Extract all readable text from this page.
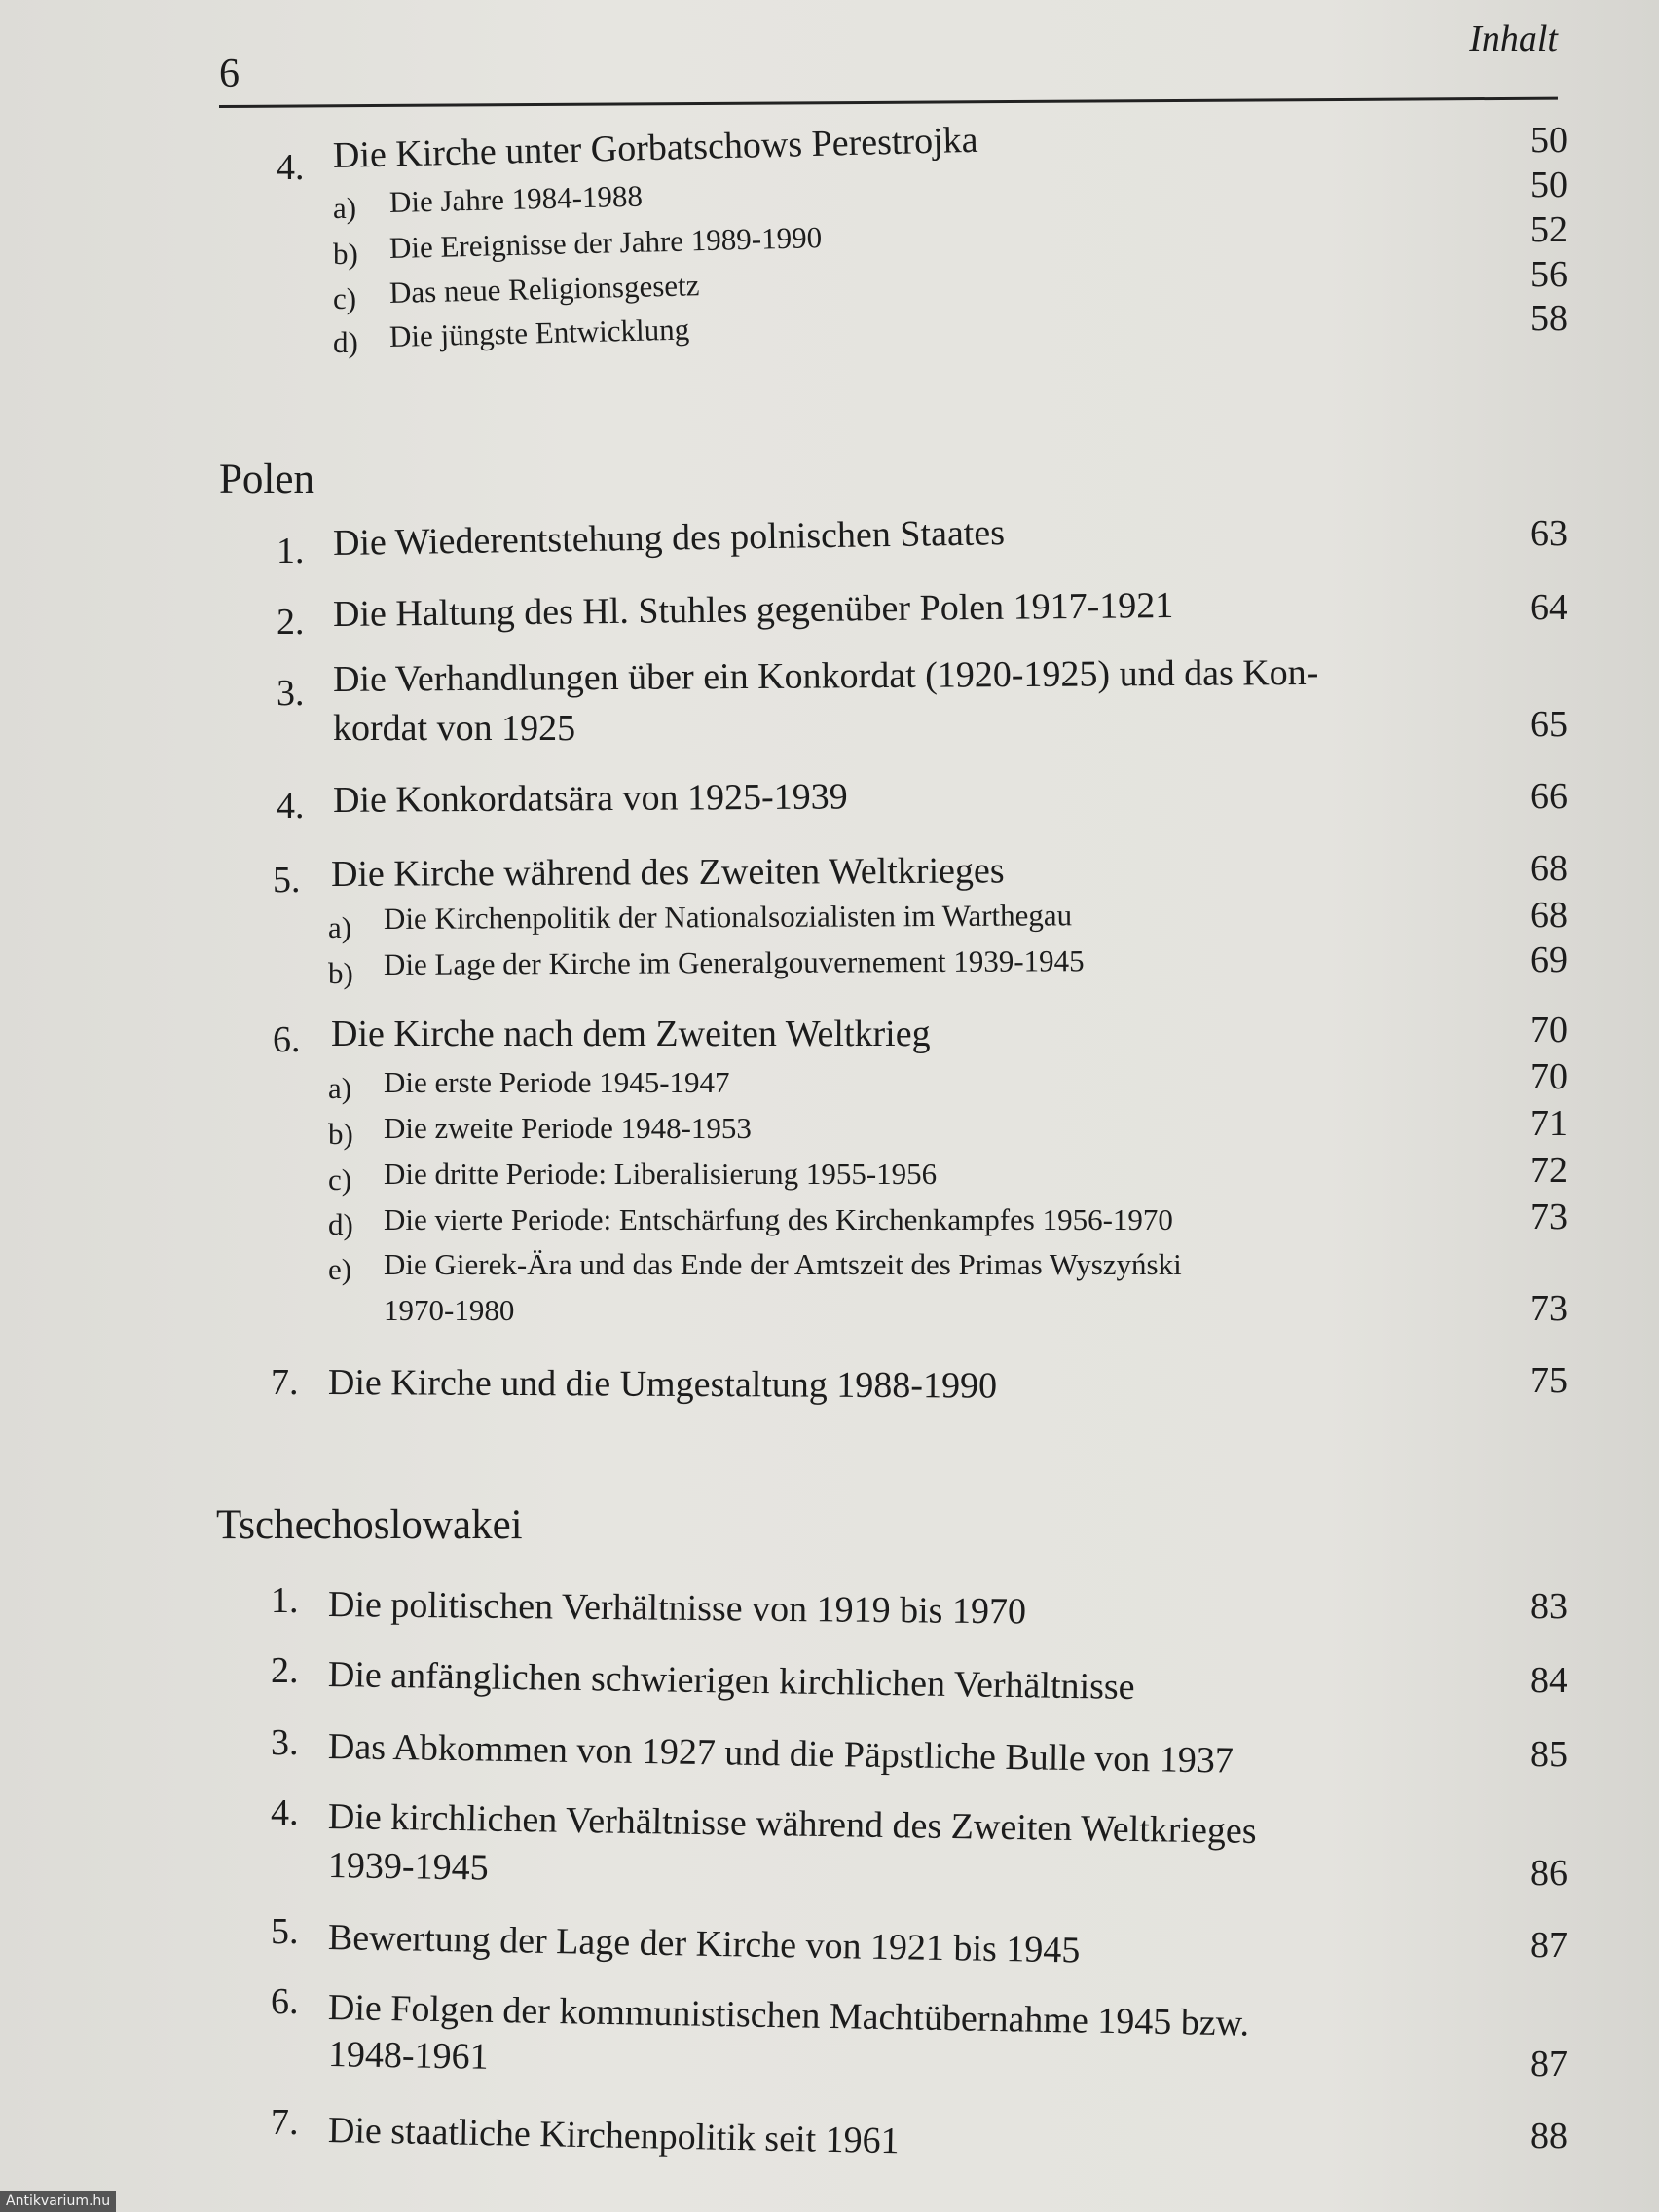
6
Inhalt
4. Die Kirche unter Gorbatschows Perestrojka	50
a) Die Jahre 1984-1988	50
b) Die Ereignisse der Jahre 1989-1990	52
c) Das neue Religionsgesetz	56
d) Die jüngste Entwicklung	58
Polen
1. Die Wiederentstehung des polnischen Staates	63
2. Die Haltung des Hl. Stuhles gegenüber Polen 1917-1921	64
3. Die Verhandlungen über ein Konkordat (1920-1925) und das Kon-
kordat von 1925	65
4. Die Konkordatsära von 1925-1939	66
5. Die Kirche während des Zweiten Weltkrieges	68
a) Die Kirchenpolitik der Nationalsozialisten im Warthegau	68
b) Die Lage der Kirche im Generalgouvernement 1939-1945	69
6. Die Kirche nach dem Zweiten Weltkrieg	70
a) Die erste Periode 1945-1947	70
b) Die zweite Periode 1948-1953	71
c) Die dritte Periode: Liberalisierung 1955-1956	72
d) Die vierte Periode: Entschärfung des Kirchenkampfes 1956-1970	73
e) Die Gierek-Ära und das Ende der Amtszeit des Primas Wyszyński
1970-1980	73
7. Die Kirche und die Umgestaltung 1988-1990	75
Tschechoslowakei
1. Die politischen Verhältnisse von 1919 bis 1970	83
2. Die anfänglichen schwierigen kirchlichen Verhältnisse	84
3. Das Abkommen von 1927 und die Päpstliche Bulle von 1937	85
4. Die kirchlichen Verhältnisse während des Zweiten Weltkrieges
1939-1945	86
5. Bewertung der Lage der Kirche von 1921 bis 1945	87
6. Die Folgen der kommunistischen Machtübernahme 1945 bzw.
1948-1961	87
7. Die staatliche Kirchenpolitik seit 1961	88
Antikvarium.hu
